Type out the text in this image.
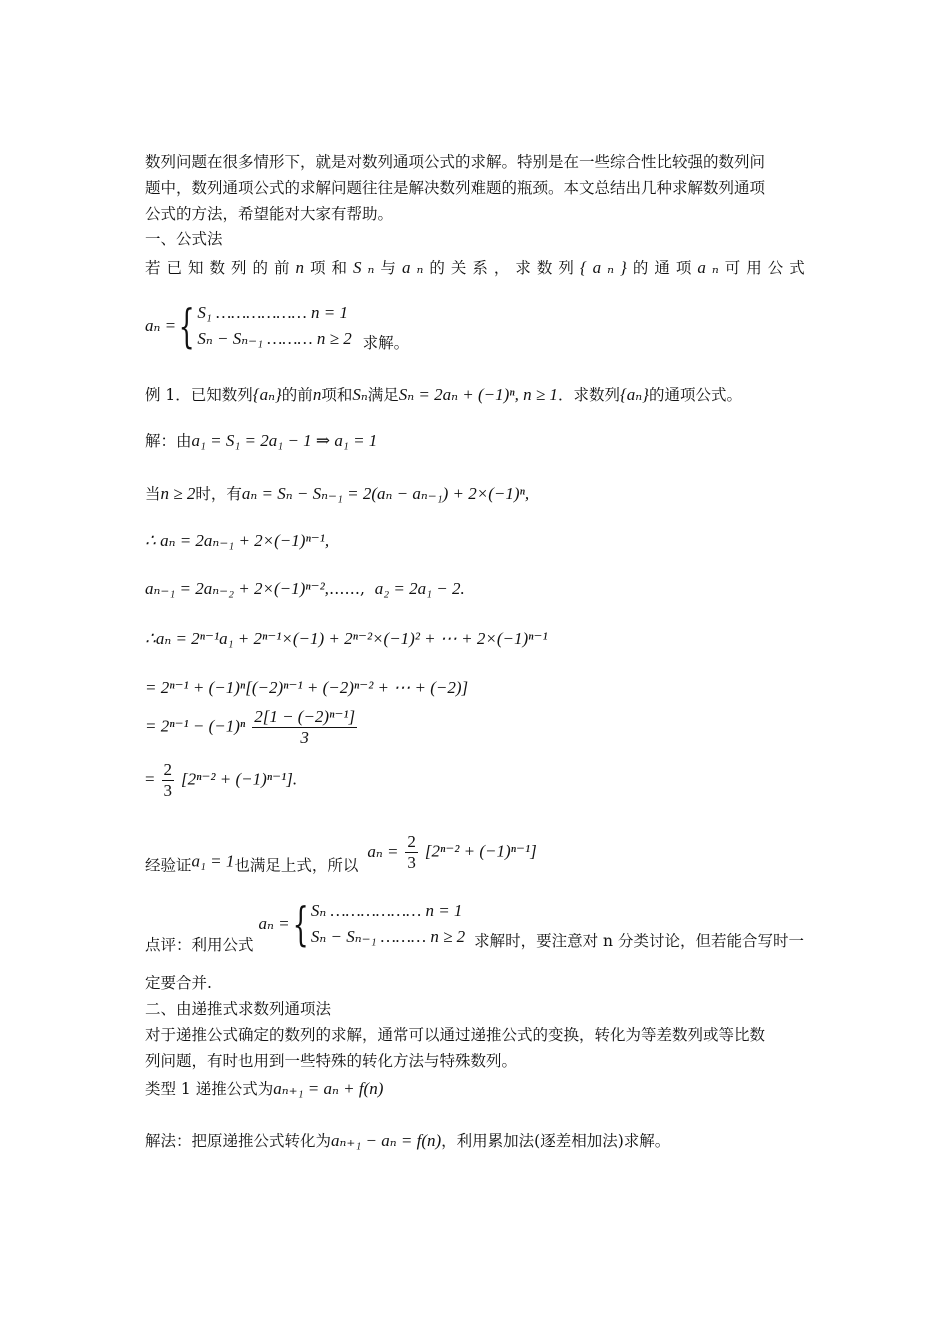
数列问题在很多情形下，就是对数列通项公式的求解。特别是在一些综合性比较强的数列问
题中，数列通项公式的求解问题往往是解决数列难题的瓶颈。本文总结出几种求解数列通项
公式的方法，希望能对大家有帮助。
一、公式法
若已知数列的前n项和Sₙ与aₙ的关系，求数列{aₙ}的通项aₙ可用公式
aₙ = { S₁ ……………… n = 1
Sₙ − Sₙ₋₁ ……… n ≥ 2 求解。
例 1．已知数列{aₙ}的前n项和Sₙ满足Sₙ = 2aₙ + (−1)ⁿ, n ≥ 1．求数列{aₙ}的通项公式。
解：由a₁ = S₁ = 2a₁ − 1 ⇒ a₁ = 1
当n ≥ 2时，有aₙ = Sₙ − Sₙ₋₁ = 2(aₙ − aₙ₋₁) + 2×(−1)ⁿ,
∴ aₙ = 2aₙ₋₁ + 2×(−1)ⁿ⁻¹,
aₙ₋₁ = 2aₙ₋₂ + 2×(−1)ⁿ⁻²,……, a₂ = 2a₁ − 2.
∴aₙ = 2ⁿ⁻¹a₁ + 2ⁿ⁻¹×(−1) + 2ⁿ⁻²×(−1)² + ⋯ + 2×(−1)ⁿ⁻¹
= 2ⁿ⁻¹ + (−1)ⁿ[(−2)ⁿ⁻¹ + (−2)ⁿ⁻² + ⋯ + (−2)]
= $2^{n-1} - (-1)^n \frac{\text{2[1 − (−2)ⁿ⁻¹]}}{3}$
= $\frac{2}{3} [2^{n-2} + (-1)^{n-1}]$.
经验证a₁ = 1也满足上式，所以 $a_n = \frac{2}{3} [2^{n-2} + (-1)^{n-1}]$
点评：利用公式
aₙ = { Sₙ ……………… n = 1
Sₙ − Sₙ₋₁ ……… n ≥ 2 求解时，要注意对 n 分类讨论，但若能合写时一
定要合并.
二、由递推式求数列通项法
对于递推公式确定的数列的求解，通常可以通过递推公式的变换，转化为等差数列或等比数
列问题，有时也用到一些特殊的转化方法与特殊数列。
类型 1 递推公式为aₙ₊₁ = aₙ + f(n)
解法：把原递推公式转化为aₙ₊₁ − aₙ = f(n)，利用累加法(逐差相加法)求解。
